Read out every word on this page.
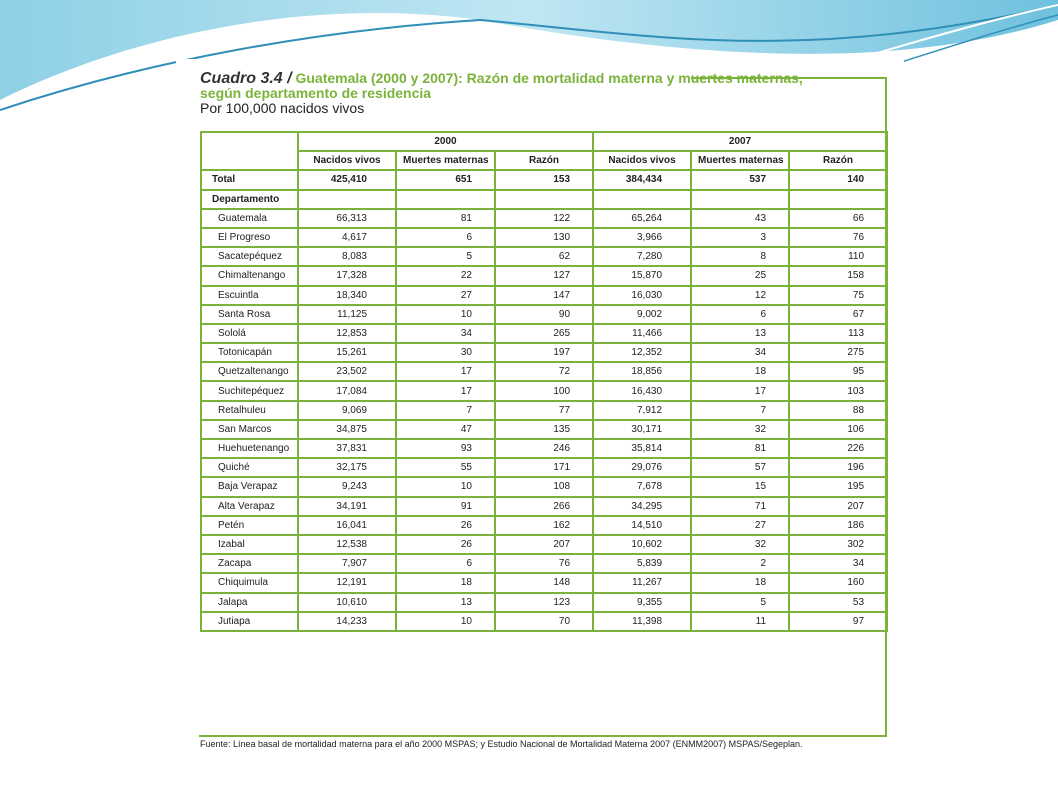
Cuadro 3.4 / Guatemala (2000 y 2007): Razón de mortalidad materna y muertes maternas,
según departamento de residencia
Por 100,000 nacidos vivos
	2000			2007		
	Nacidos vivos	Muertes maternas	Razón	Nacidos vivos	Muertes maternas	Razón
Total	425,410	651	153	384,434	537	140
Departamento						
Guatemala	66,313	81	122	65,264	43	66
El Progreso	4,617	6	130	3,966	3	76
Sacatepéquez	8,083	5	62	7,280	8	110
Chimaltenango	17,328	22	127	15,870	25	158
Escuintla	18,340	27	147	16,030	12	75
Santa Rosa	11,125	10	90	9,002	6	67
Sololá	12,853	34	265	11,466	13	113
Totonicapán	15,261	30	197	12,352	34	275
Quetzaltenango	23,502	17	72	18,856	18	95
Suchitepéquez	17,084	17	100	16,430	17	103
Retalhuleu	9,069	7	77	7,912	7	88
San Marcos	34,875	47	135	30,171	32	106
Huehuetenango	37,831	93	246	35,814	81	226
Quiché	32,175	55	171	29,076	57	196
Baja Verapaz	9,243	10	108	7,678	15	195
Alta Verapaz	34,191	91	266	34,295	71	207
Petén	16,041	26	162	14,510	27	186
Izabal	12,538	26	207	10,602	32	302
Zacapa	7,907	6	76	5,839	2	34
Chiquimula	12,191	18	148	11,267	18	160
Jalapa	10,610	13	123	9,355	5	53
Jutiapa	14,233	10	70	11,398	11	97
Fuente: Línea basal de mortalidad materna para el año 2000 MSPAS; y Estudio Nacional de Mortalidad Materna 2007 (ENMM2007) MSPAS/Segeplan.
